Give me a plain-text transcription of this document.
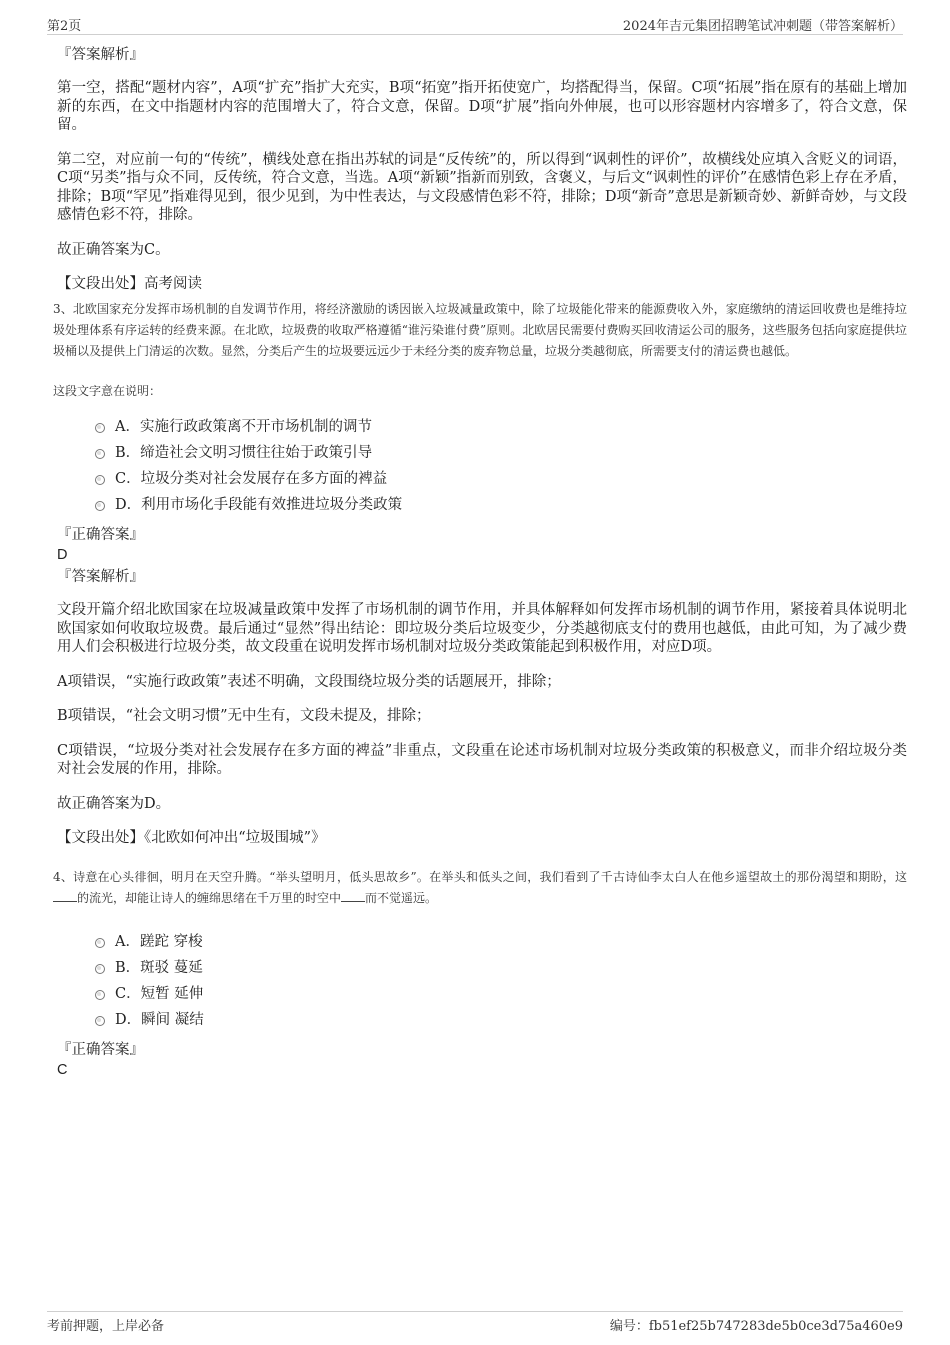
第2页	2024年吉元集团招聘笔试冲刺题（带答案解析）
『答案解析』

第一空，搭配“题材内容”，A项“扩充”指扩大充实，B项“拓宽”指开拓使宽广，均搭配得当，保留。C项“拓展”指在原有的基础上增加新的东西，在文中指题材内容的范围增大了，符合文意，保留。D项“扩展”指向外伸展，也可以形容题材内容增多了，符合文意，保留。

第二空，对应前一句的“传统”，横线处意在指出苏轼的词是“反传统”的，所以得到“讽刺性的评价”，故横线处应填入含贬义的词语，C项“另类”指与众不同，反传统，符合文意，当选。A项“新颖”指新而别致，含褒义，与后文“讽刺性的评价”在感情色彩上存在矛盾，排除；B项“罕见”指难得见到，很少见到，为中性表达，与文段感情色彩不符，排除；D项“新奇”意思是新颖奇妙、新鲜奇妙，与文段感情色彩不符，排除。

故正确答案为C。

【文段出处】高考阅读

3、北欧国家充分发挥市场机制的自发调节作用，将经济激励的诱因嵌入垃圾减量政策中，除了垃圾能化带来的能源费收入外，家庭缴纳的清运回收费也是维持垃圾处理体系有序运转的经费来源。在北欧，垃圾费的收取严格遵循“谁污染谁付费”原则。北欧居民需要付费购买回收清运公司的服务，这些服务包括向家庭提供垃圾桶以及提供上门清运的次数。显然，分类后产生的垃圾要远远少于未经分类的废弃物总量，垃圾分类越彻底，所需要支付的清运费也越低。

这段文字意在说明：
A．实施行政政策离不开市场机制的调节
B．缔造社会文明习惯往往始于政策引导
C．垃圾分类对社会发展存在多方面的裨益
D．利用市场化手段能有效推进垃圾分类政策
『正确答案』
D
『答案解析』

文段开篇介绍北欧国家在垃圾减量政策中发挥了市场机制的调节作用，并具体解释如何发挥市场机制的调节作用，紧接着具体说明北欧国家如何收取垃圾费。最后通过“显然”得出结论：即垃圾分类后垃圾变少，分类越彻底支付的费用也越低，由此可知，为了减少费用人们会积极进行垃圾分类，故文段重在说明发挥市场机制对垃圾分类政策能起到积极作用，对应D项。

A项错误，“实施行政政策”表述不明确，文段围绕垃圾分类的话题展开，排除；

B项错误，“社会文明习惯”无中生有，文段未提及，排除；

C项错误，“垃圾分类对社会发展存在多方面的裨益”非重点，文段重在论述市场机制对垃圾分类政策的积极意义，而非介绍垃圾分类对社会发展的作用，排除。

故正确答案为D。

【文段出处】《北欧如何冲出“垃圾围城”》

4、诗意在心头徘徊，明月在天空升腾。“举头望明月，低头思故乡”。在举头和低头之间，我们看到了千古诗仙李太白人在他乡遥望故土的那份渴望和期盼，这的流光，却能让诗人的缠绵思绪在千万里的时空中 而不觉遥远。

A．蹉跎 穿梭
B．斑驳 蔓延
C．短暂 延伸
D．瞬间 凝结
『正确答案』
C
考前押题，上岸必备	编号：fb51ef25b747283de5b0ce3d75a460e9
